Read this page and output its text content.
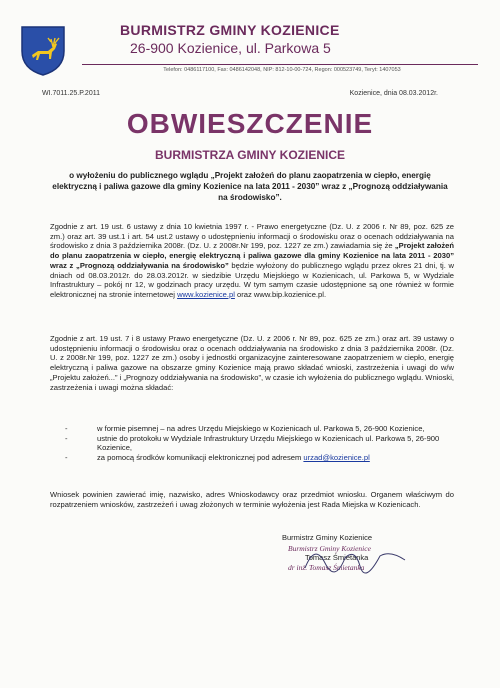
BURMISTRZ GMINY KOZIENICE
26-900 Kozienice, ul. Parkowa 5
Telefon: 0486117100, Fax: 0486142048, NIP: 812-10-00-724, Regon: 000523749, Teryt: 1407053
WI.7011.25.P.2011	Kozienice, dnia 08.03.2012r.
OBWIESZCZENIE
BURMISTRZA GMINY KOZIENICE
o wyłożeniu do publicznego wglądu „Projekt założeń do planu zaopatrzenia w ciepło, energię elektryczną i paliwa gazowe dla gminy Kozienice na lata 2011 - 2030” wraz z „Prognozą oddziaływania na środowisko”.
Zgodnie z art. 19 ust. 6 ustawy z dnia 10 kwietnia 1997 r. - Prawo energetyczne (Dz. U. z 2006 r. Nr 89, poz. 625 ze zm.) oraz art. 39 ust.1 i art. 54 ust.2 ustawy o udostępnieniu informacji o środowisku oraz o ocenach oddziaływania na środowisko z dnia 3 października 2008r. (Dz. U. z 2008r.Nr 199, poz. 1227 ze zm.) zawiadamia się że „Projekt założeń do planu zaopatrzenia w ciepło, energię elektryczną i paliwa gazowe dla gminy Kozienice na lata 2011 - 2030” wraz z „Prognozą oddziaływania na środowisko” będzie wyłożony do publicznego wglądu przez okres 21 dni, tj. w dniach od 08.03.2012r. do 28.03.2012r. w siedzibie Urzędu Miejskiego w Kozienicach, ul. Parkowa 5, w Wydziale Infrastruktury – pokój nr 12, w godzinach pracy urzędu. W tym samym czasie udostępnione są one również w formie elektronicznej na stronie internetowej www.kozienice.pl oraz www.bip.kozienice.pl.
Zgodnie z art. 19 ust. 7 i 8 ustawy Prawo energetyczne (Dz. U. z 2006 r. Nr 89, poz. 625 ze zm.) oraz art. 39 ustawy o udostępnieniu informacji o środowisku oraz o ocenach oddziaływania na środowisko z dnia 3 października 2008r. (Dz. U. z 2008r.Nr 199, poz. 1227 ze zm.) osoby i jednostki organizacyjne zainteresowane zaopatrzeniem w ciepło, energię elektryczną i paliwa gazowe na obszarze gminy Kozienice mają prawo składać wnioski, zastrzeżenia i uwagi do w/w „Projektu założeń...” i „Prognozy oddziaływania na środowisko”, w czasie ich wyłożenia do publicznego wglądu. Wnioski, zastrzeżenia i uwagi można składać:
- w formie pisemnej – na adres Urzędu Miejskiego w Kozienicach ul. Parkowa 5, 26-900 Kozienice,
- ustnie do protokołu w Wydziale Infrastruktury Urzędu Miejskiego w Kozienicach ul. Parkowa 5, 26-900 Kozienice,
- za pomocą środków komunikacji elektronicznej pod adresem urzad@kozienice.pl
Wniosek powinien zawierać imię, nazwisko, adres Wnioskodawcy oraz przedmiot wniosku. Organem właściwym do rozpatrzeniem wniosków, zastrzeżeń i uwag złożonych w terminie wyłożenia jest Rada Miejska w Kozienicach.
Burmistrz Gminy Kozienice
Burmistrz Gminy Kozienice
Tomasz Śmietanka
dr inż. Tomasz Śmietanka
